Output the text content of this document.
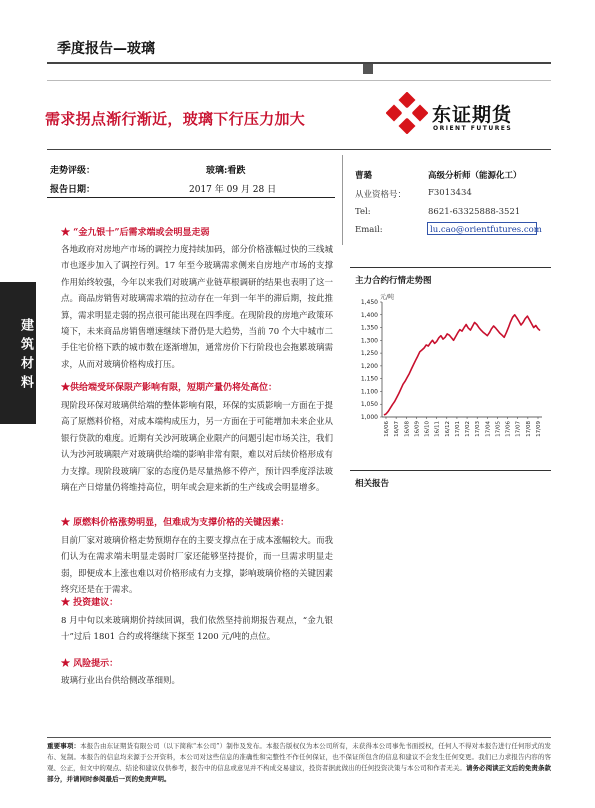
季度报告—玻璃
需求拐点渐行渐近，玻璃下行压力加大	东证期货
ORIENT FUTURES
走势评级：	玻璃:看跌
报告日期：	2017 年 09 月 28 日
曹璐	高级分析师（能源化工）
从业资格号：	F3013434
Tel:	8621-63325888-3521
Email:	lu.cao@orientfutures.com
★ “金九银十”后需求端或会明显走弱
各地政府对房地产市场的调控力度持续加码，部分价格涨幅过快的三线城市也逐步加入了调控行列。17 年至今玻璃需求侧来自房地产市场的支撑作用始终较强，今年以来我们对玻璃产业链草根调研的结果也表明了这一点。商品房销售对玻璃需求端的拉动存在一年到一年半的滞后期，按此推算，需求明显走弱的拐点很可能出现在四季度。在现阶段的房地产政策环境下，未来商品房销售增速继续下滑仍是大趋势，当前 70 个大中城市二手住宅价格下跌的城市数在逐渐增加，通常房价下行阶段也会拖累玻璃需求，从而对玻璃价格构成打压。
★供给端受环保限产影响有限，短期产量仍将处高位：
现阶段环保对玻璃供给端的整体影响有限，环保的实质影响一方面在于提高了原燃料价格，对成本端构成压力，另一方面在于可能增加未来企业从银行贷款的难度。近期有关沙河玻璃企业限产的问题引起市场关注，我们认为沙河玻璃限产对玻璃供给端的影响非常有限，难以对后续价格形成有力支撑。现阶段玻璃厂家的态度仍是尽量热修不停产，预计四季度浮法玻璃在产日熔量仍将维持高位，明年或会迎来新的生产线或会明显增多。
★ 原燃料价格涨势明显，但难成为支撑价格的关键因素：
目前厂家对玻璃价格走势预期存在的主要支撑点在于成本涨幅较大。而我们认为在需求端未明显走弱时厂家还能够坚持提价，而一旦需求明显走弱，即便成本上涨也难以对价格形成有力支撑，影响玻璃价格的关键因素终究还是在于需求。
★ 投资建议：
8 月中旬以来玻璃期价持续回调，我们依然坚持前期报告观点，“金九银十”过后 1801 合约或将继续下探至 1200 元/吨的点位。
★ 风险提示：
玻璃行业出台供给侧改革细则。
建筑材料
主力合约行情走势图
元/吨
1,000
1,050
1,100
1,150
1,200
1,250
1,300
1,350
1,400
1,450
16/06 16/07 16/08 16/09 16/10 16/11 16/12 17/01 17/02 17/03 17/04 17/05 17/06 17/07 17/08 17/09
相关报告
重要事项：本报告由东证期货有限公司（以下简称“本公司”）制作及发布。本报告版权仅为本公司所有，未获得本公司事先书面授权，任何人不得对本报告进行任何形式的发布、复制。本报告的信息均来源于公开资料，本公司对这些信息的准确性和完整性不作任何保证，也不保证所包含的信息和建议不会发生任何变更。我们已力求报告内容的客观、公正，但文中的观点、结论和建议仅供参考，报告中的信息或意见并不构成交易建议，投资者据此做出的任何投资决策与本公司和作者无关。请务必阅读正文后的免责条款部分，并请同时参阅最后一页的免责声明。
